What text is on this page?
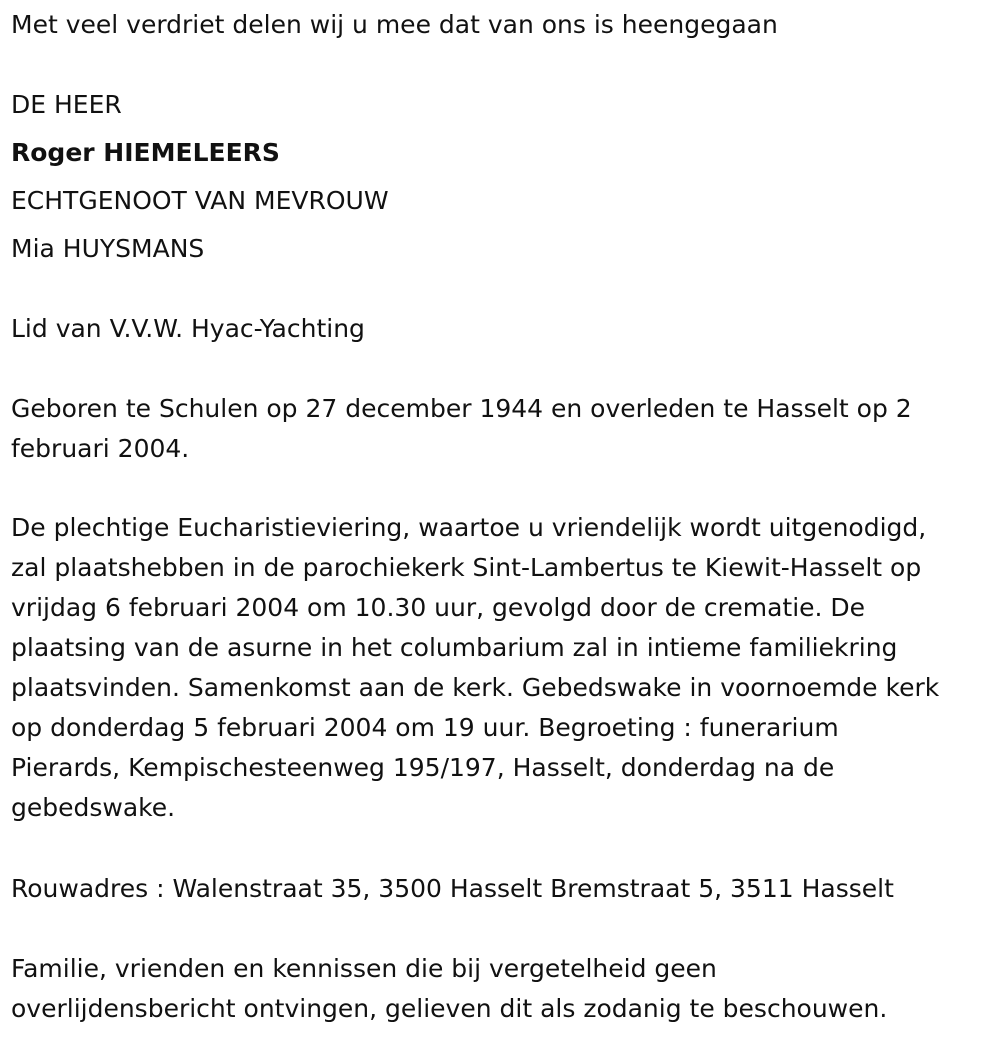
Met veel verdriet delen wij u mee dat van ons is heengegaan

DE HEER

Roger HIEMELEERS

ECHTGENOOT VAN MEVROUW

Mia HUYSMANS

Lid van V.V.W. Hyac-Yachting

Geboren te Schulen op 27 december 1944 en overleden te Hasselt op 2

februari 2004.

De plechtige Eucharistieviering, waartoe u vriendelijk wordt uitgenodigd,

zal plaatshebben in de parochiekerk Sint-Lambertus te Kiewit-Hasselt op

vrijdag 6 februari 2004 om 10.30 uur, gevolgd door de crematie. De

plaatsing van de asurne in het columbarium zal in intieme familiekring

plaatsvinden. Samenkomst aan de kerk. Gebedswake in voornoemde kerk

op donderdag 5 februari 2004 om 19 uur. Begroeting : funerarium

Pierards, Kempischesteenweg 195/197, Hasselt, donderdag na de

gebedswake.

Rouwadres : Walenstraat 35, 3500 Hasselt Bremstraat 5, 3511 Hasselt

Familie, vrienden en kennissen die bij vergetelheid geen

overlijdensbericht ontvingen, gelieven dit als zodanig te beschouwen.
